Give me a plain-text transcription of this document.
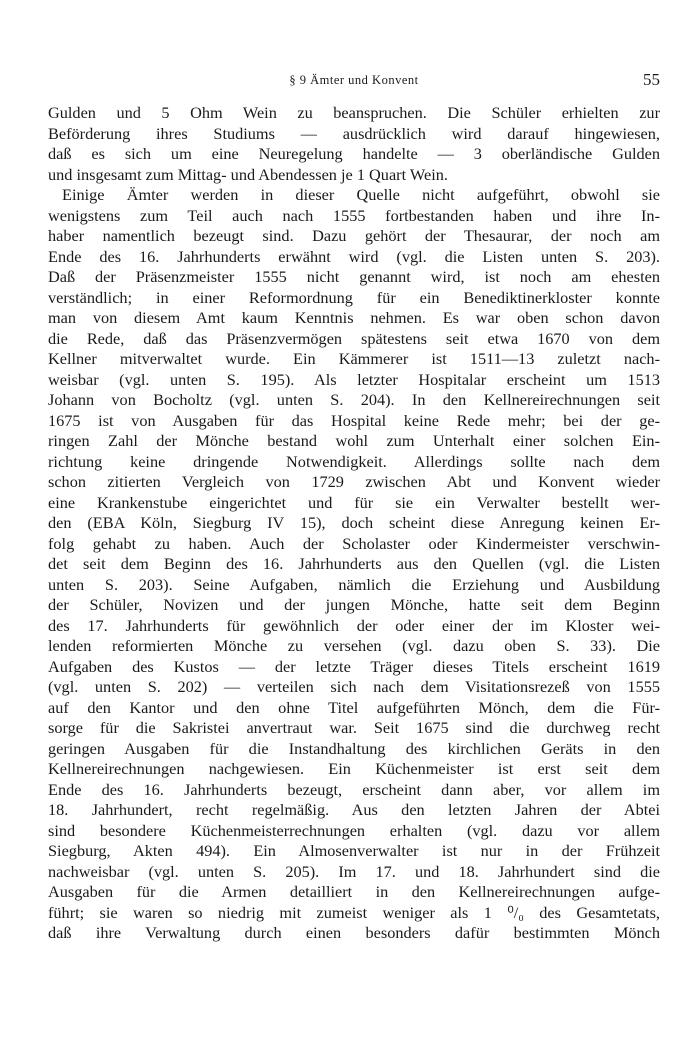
§ 9 Ämter und Konvent	55
Gulden und 5 Ohm Wein zu beanspruchen. Die Schüler erhielten zur
Beförderung ihres Studiums — ausdrücklich wird darauf hingewiesen,
daß es sich um eine Neuregelung handelte — 3 oberländische Gulden
und insgesamt zum Mittag- und Abendessen je 1 Quart Wein.
Einige Ämter werden in dieser Quelle nicht aufgeführt, obwohl sie
wenigstens zum Teil auch nach 1555 fortbestanden haben und ihre In-
haber namentlich bezeugt sind. Dazu gehört der Thesaurar, der noch am
Ende des 16. Jahrhunderts erwähnt wird (vgl. die Listen unten S. 203).
Daß der Präsenzmeister 1555 nicht genannt wird, ist noch am ehesten
verständlich; in einer Reformordnung für ein Benediktinerkloster konnte
man von diesem Amt kaum Kenntnis nehmen. Es war oben schon davon
die Rede, daß das Präsenzvermögen spätestens seit etwa 1670 von dem
Kellner mitverwaltet wurde. Ein Kämmerer ist 1511—13 zuletzt nach-
weisbar (vgl. unten S. 195). Als letzter Hospitalar erscheint um 1513
Johann von Bocholtz (vgl. unten S. 204). In den Kellnereirechnungen seit
1675 ist von Ausgaben für das Hospital keine Rede mehr; bei der ge-
ringen Zahl der Mönche bestand wohl zum Unterhalt einer solchen Ein-
richtung keine dringende Notwendigkeit. Allerdings sollte nach dem
schon zitierten Vergleich von 1729 zwischen Abt und Konvent wieder
eine Krankenstube eingerichtet und für sie ein Verwalter bestellt wer-
den (EBA Köln, Siegburg IV 15), doch scheint diese Anregung keinen Er-
folg gehabt zu haben. Auch der Scholaster oder Kindermeister verschwin-
det seit dem Beginn des 16. Jahrhunderts aus den Quellen (vgl. die Listen
unten S. 203). Seine Aufgaben, nämlich die Erziehung und Ausbildung
der Schüler, Novizen und der jungen Mönche, hatte seit dem Beginn
des 17. Jahrhunderts für gewöhnlich der oder einer der im Kloster wei-
lenden reformierten Mönche zu versehen (vgl. dazu oben S. 33). Die
Aufgaben des Kustos — der letzte Träger dieses Titels erscheint 1619
(vgl. unten S. 202) — verteilen sich nach dem Visitationsrezeß von 1555
auf den Kantor und den ohne Titel aufgeführten Mönch, dem die Für-
sorge für die Sakristei anvertraut war. Seit 1675 sind die durchweg recht
geringen Ausgaben für die Instandhaltung des kirchlichen Geräts in den
Kellnereirechnungen nachgewiesen. Ein Küchenmeister ist erst seit dem
Ende des 16. Jahrhunderts bezeugt, erscheint dann aber, vor allem im
18. Jahrhundert, recht regelmäßig. Aus den letzten Jahren der Abtei
sind besondere Küchenmeisterrechnungen erhalten (vgl. dazu vor allem
Siegburg, Akten 494). Ein Almosenverwalter ist nur in der Frühzeit
nachweisbar (vgl. unten S. 205). Im 17. und 18. Jahrhundert sind die
Ausgaben für die Armen detailliert in den Kellnereirechnungen aufge-
führt; sie waren so niedrig mit zumeist weniger als 1 ⁰/₀ des Gesamtetats,
daß ihre Verwaltung durch einen besonders dafür bestimmten Mönch
